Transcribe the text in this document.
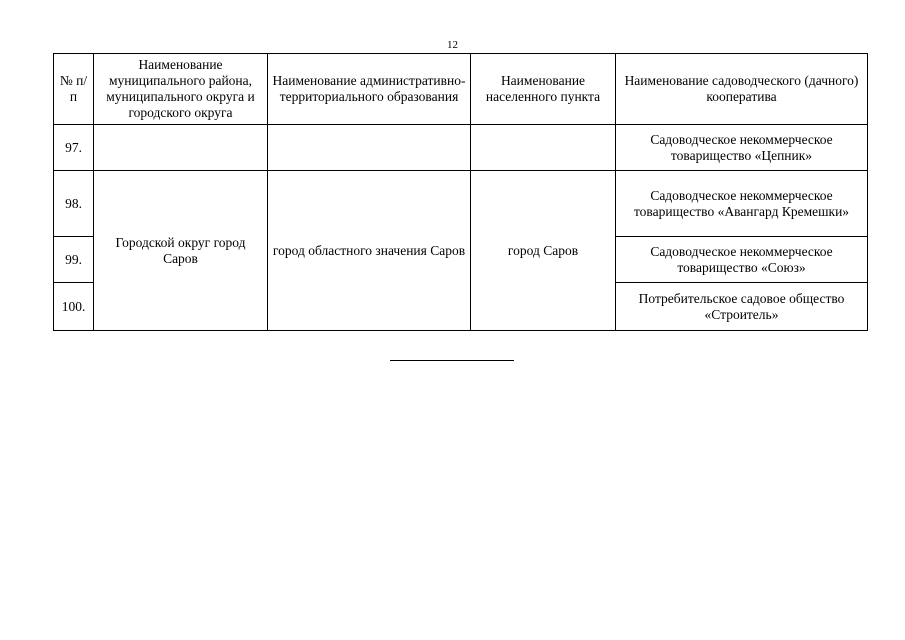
12
№ п/п	Наименование муниципального района, муниципального округа и городского округа	Наименование административно-территориального образования	Наименование населенного пункта	Наименование садоводческого (дачного) кооператива
97.				Садоводческое некоммерческое товарищество «Цепник»
98.	Городской округ город Саров	город областного значения Саров	город Саров	Садоводческое некоммерческое товарищество «Авангард Кремешки»
99.				Садоводческое некоммерческое товарищество «Союз»
100.				Потребительское садовое общество «Строитель»
